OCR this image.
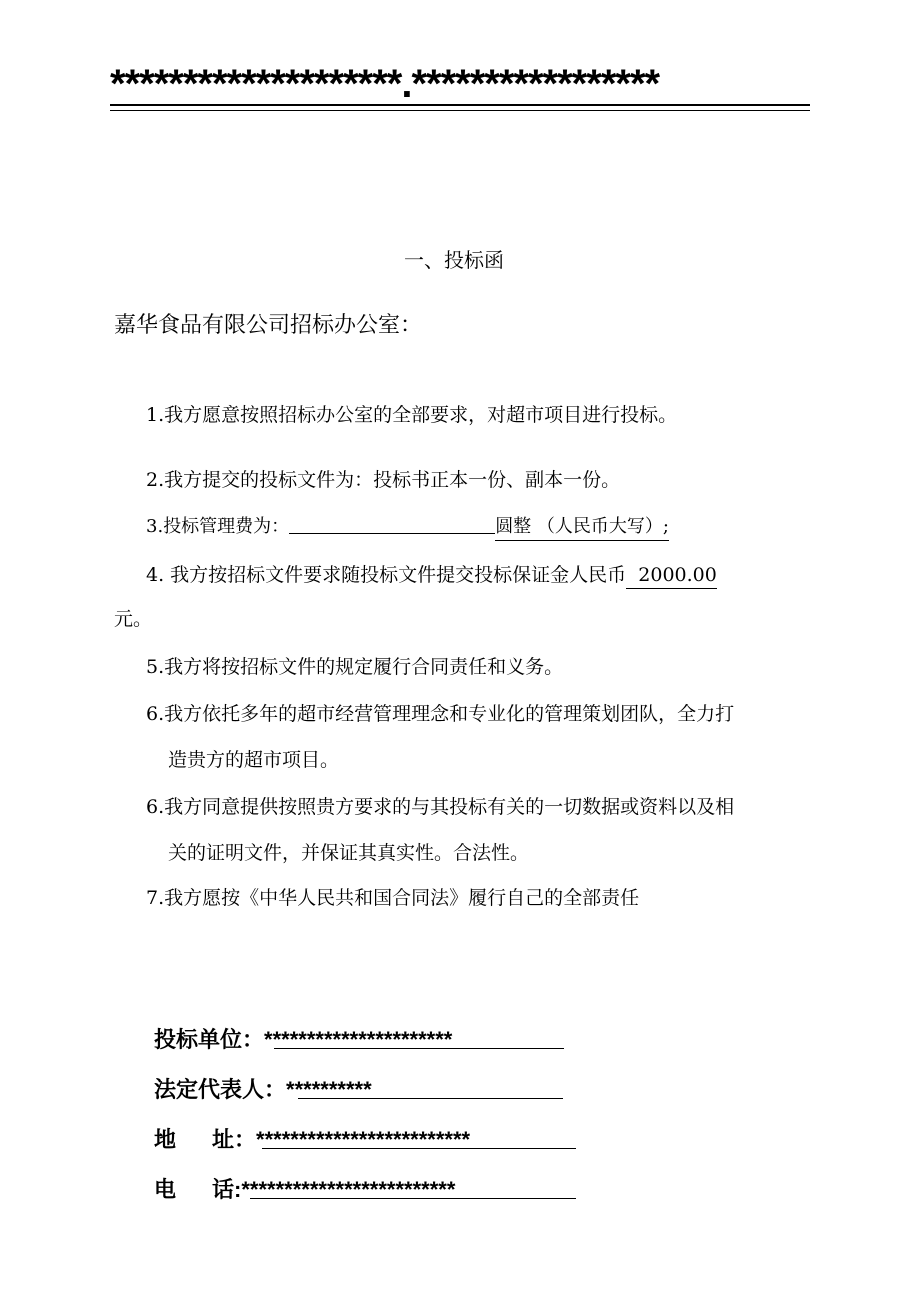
********************.*****************
一、投标函
嘉华食品有限公司招标办公室：
1.我方愿意按照招标办公室的全部要求，对超市项目进行投标。
2.我方提交的投标文件为：投标书正本一份、副本一份。
3.投标管理费为：	圆整 （人民币大写）;
4. 我方按招标文件要求随投标文件提交投标保证金人民币  2000.00
元。
5.我方将按招标文件的规定履行合同责任和义务。
6.我方依托多年的超市经营管理理念和专业化的管理策划团队，全力打
造贵方的超市项目。
6.我方同意提供按照贵方要求的与其投标有关的一切数据或资料以及相
关的证明文件，并保证其真实性。合法性。
7.我方愿按《中华人民共和国合同法》履行自己的全部责任
投标单位：**********************
法定代表人：**********
地 址：*************************
电 话:*************************
